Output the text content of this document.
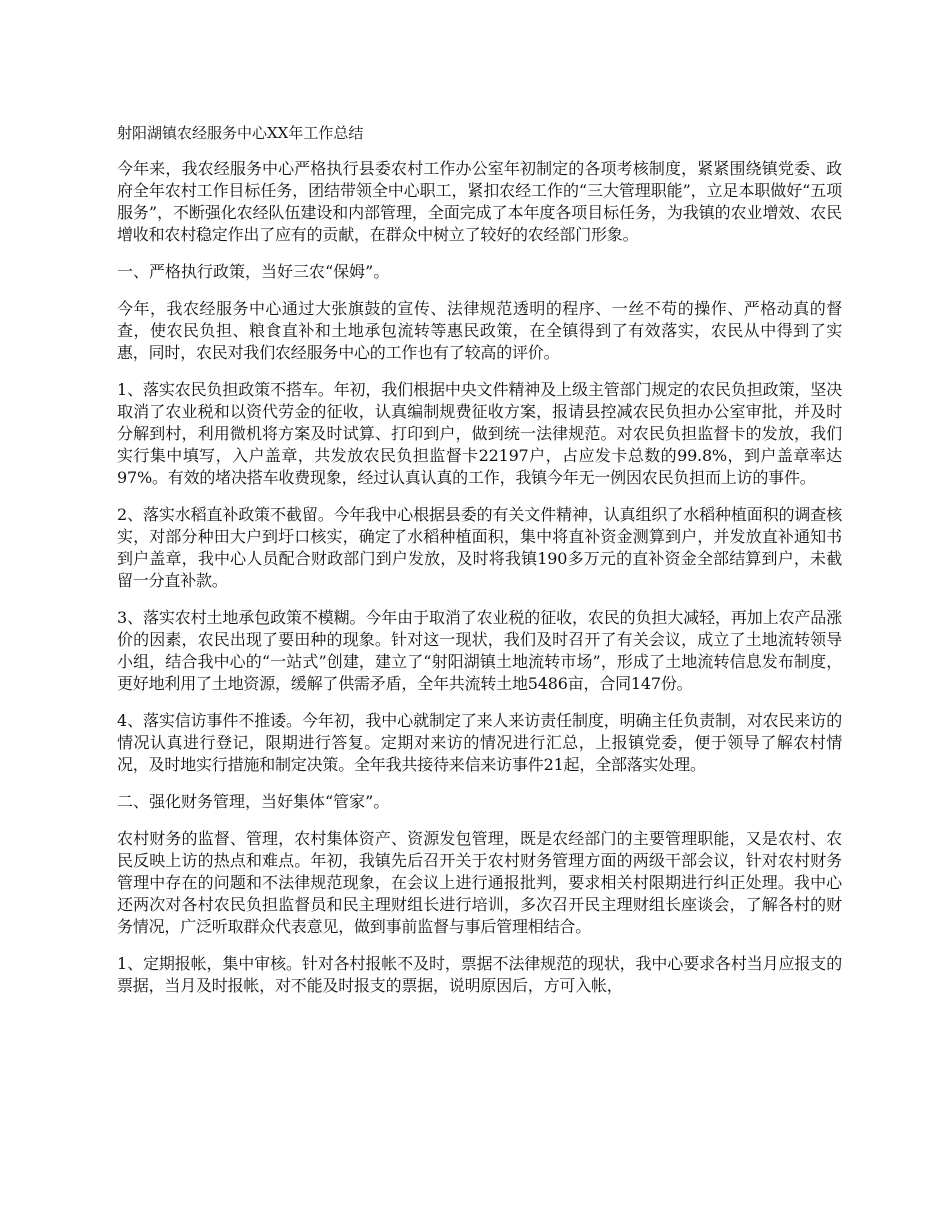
射阳湖镇农经服务中心XX年工作总结

今年来，我农经服务中心严格执行县委农村工作办公室年初制定的各项考核制度，紧紧围绕镇党委、政府全年农村工作目标任务，团结带领全中心职工，紧扣农经工作的“三大管理职能”，立足本职做好“五项服务”，不断强化农经队伍建设和内部管理，全面完成了本年度各项目标任务，为我镇的农业增效、农民增收和农村稳定作出了应有的贡献，在群众中树立了较好的农经部门形象。

一、严格执行政策，当好三农“保姆”。

今年，我农经服务中心通过大张旗鼓的宣传、法律规范透明的程序、一丝不苟的操作、严格动真的督查，使农民负担、粮食直补和土地承包流转等惠民政策，在全镇得到了有效落实，农民从中得到了实惠，同时，农民对我们农经服务中心的工作也有了较高的评价。

1、落实农民负担政策不搭车。年初，我们根据中央文件精神及上级主管部门规定的农民负担政策，坚决取消了农业税和以资代劳金的征收，认真编制规费征收方案，报请县控减农民负担办公室审批，并及时分解到村，利用微机将方案及时试算、打印到户，做到统一法律规范。对农民负担监督卡的发放，我们实行集中填写，入户盖章，共发放农民负担监督卡22197户，占应发卡总数的99.8%，到户盖章率达97%。有效的堵决搭车收费现象，经过认真认真的工作，我镇今年无一例因农民负担而上访的事件。

2、落实水稻直补政策不截留。今年我中心根据县委的有关文件精神，认真组织了水稻种植面积的调查核实，对部分种田大户到圩口核实，确定了水稻种植面积，集中将直补资金测算到户，并发放直补通知书到户盖章，我中心人员配合财政部门到户发放，及时将我镇190多万元的直补资金全部结算到户，未截留一分直补款。

3、落实农村土地承包政策不模糊。今年由于取消了农业税的征收，农民的负担大减轻，再加上农产品涨价的因素，农民出现了要田种的现象。针对这一现状，我们及时召开了有关会议，成立了土地流转领导小组，结合我中心的“一站式”创建，建立了“射阳湖镇土地流转市场”，形成了土地流转信息发布制度，更好地利用了土地资源，缓解了供需矛盾，全年共流转土地5486亩，合同147份。

4、落实信访事件不推诿。今年初，我中心就制定了来人来访责任制度，明确主任负责制，对农民来访的情况认真进行登记，限期进行答复。定期对来访的情况进行汇总，上报镇党委，便于领导了解农村情况，及时地实行措施和制定决策。全年我共接待来信来访事件21起，全部落实处理。

二、强化财务管理，当好集体“管家”。

农村财务的监督、管理，农村集体资产、资源发包管理，既是农经部门的主要管理职能，又是农村、农民反映上访的热点和难点。年初，我镇先后召开关于农村财务管理方面的两级干部会议，针对农村财务管理中存在的问题和不法律规范现象，在会议上进行通报批判，要求相关村限期进行纠正处理。我中心还两次对各村农民负担监督员和民主理财组长进行培训，多次召开民主理财组长座谈会，了解各村的财务情况，广泛听取群众代表意见，做到事前监督与事后管理相结合。

1、定期报帐，集中审核。针对各村报帐不及时，票据不法律规范的现状，我中心要求各村当月应报支的票据，当月及时报帐，对不能及时报支的票据，说明原因后，方可入帐，
